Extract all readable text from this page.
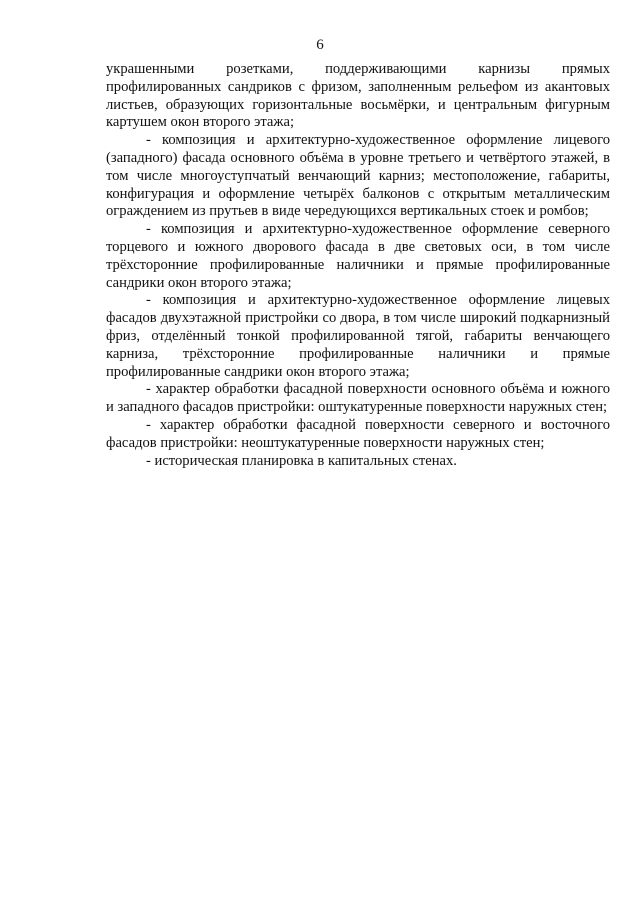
6

украшенными розетками, поддерживающими карнизы прямых профилированных сандриков с фризом, заполненным рельефом из акантовых листьев, образующих горизонтальные восьмёрки, и центральным фигурным картушем окон второго этажа;

- композиция и архитектурно-художественное оформление лицевого (западного) фасада основного объёма в уровне третьего и четвёртого этажей, в том числе многоуступчатый венчающий карниз; местоположение, габариты, конфигурация и оформление четырёх балконов с открытым металлическим ограждением из прутьев в виде чередующихся вертикальных стоек и ромбов;

- композиция и архитектурно-художественное оформление северного торцевого и южного дворового фасада в две световых оси, в том числе трёхсторонние профилированные наличники и прямые профилированные сандрики окон второго этажа;

- композиция и архитектурно-художественное оформление лицевых фасадов двухэтажной пристройки со двора, в том числе широкий подкарнизный фриз, отделённый тонкой профилированной тягой, габариты венчающего карниза, трёхсторонние профилированные наличники и прямые профилированные сандрики окон второго этажа;

- характер обработки фасадной поверхности основного объёма и южного и западного фасадов пристройки: оштукатуренные поверхности наружных стен;

- характер обработки фасадной поверхности северного и восточного фасадов пристройки: неоштукатуренные поверхности наружных стен;

- историческая планировка в капитальных стенах.
